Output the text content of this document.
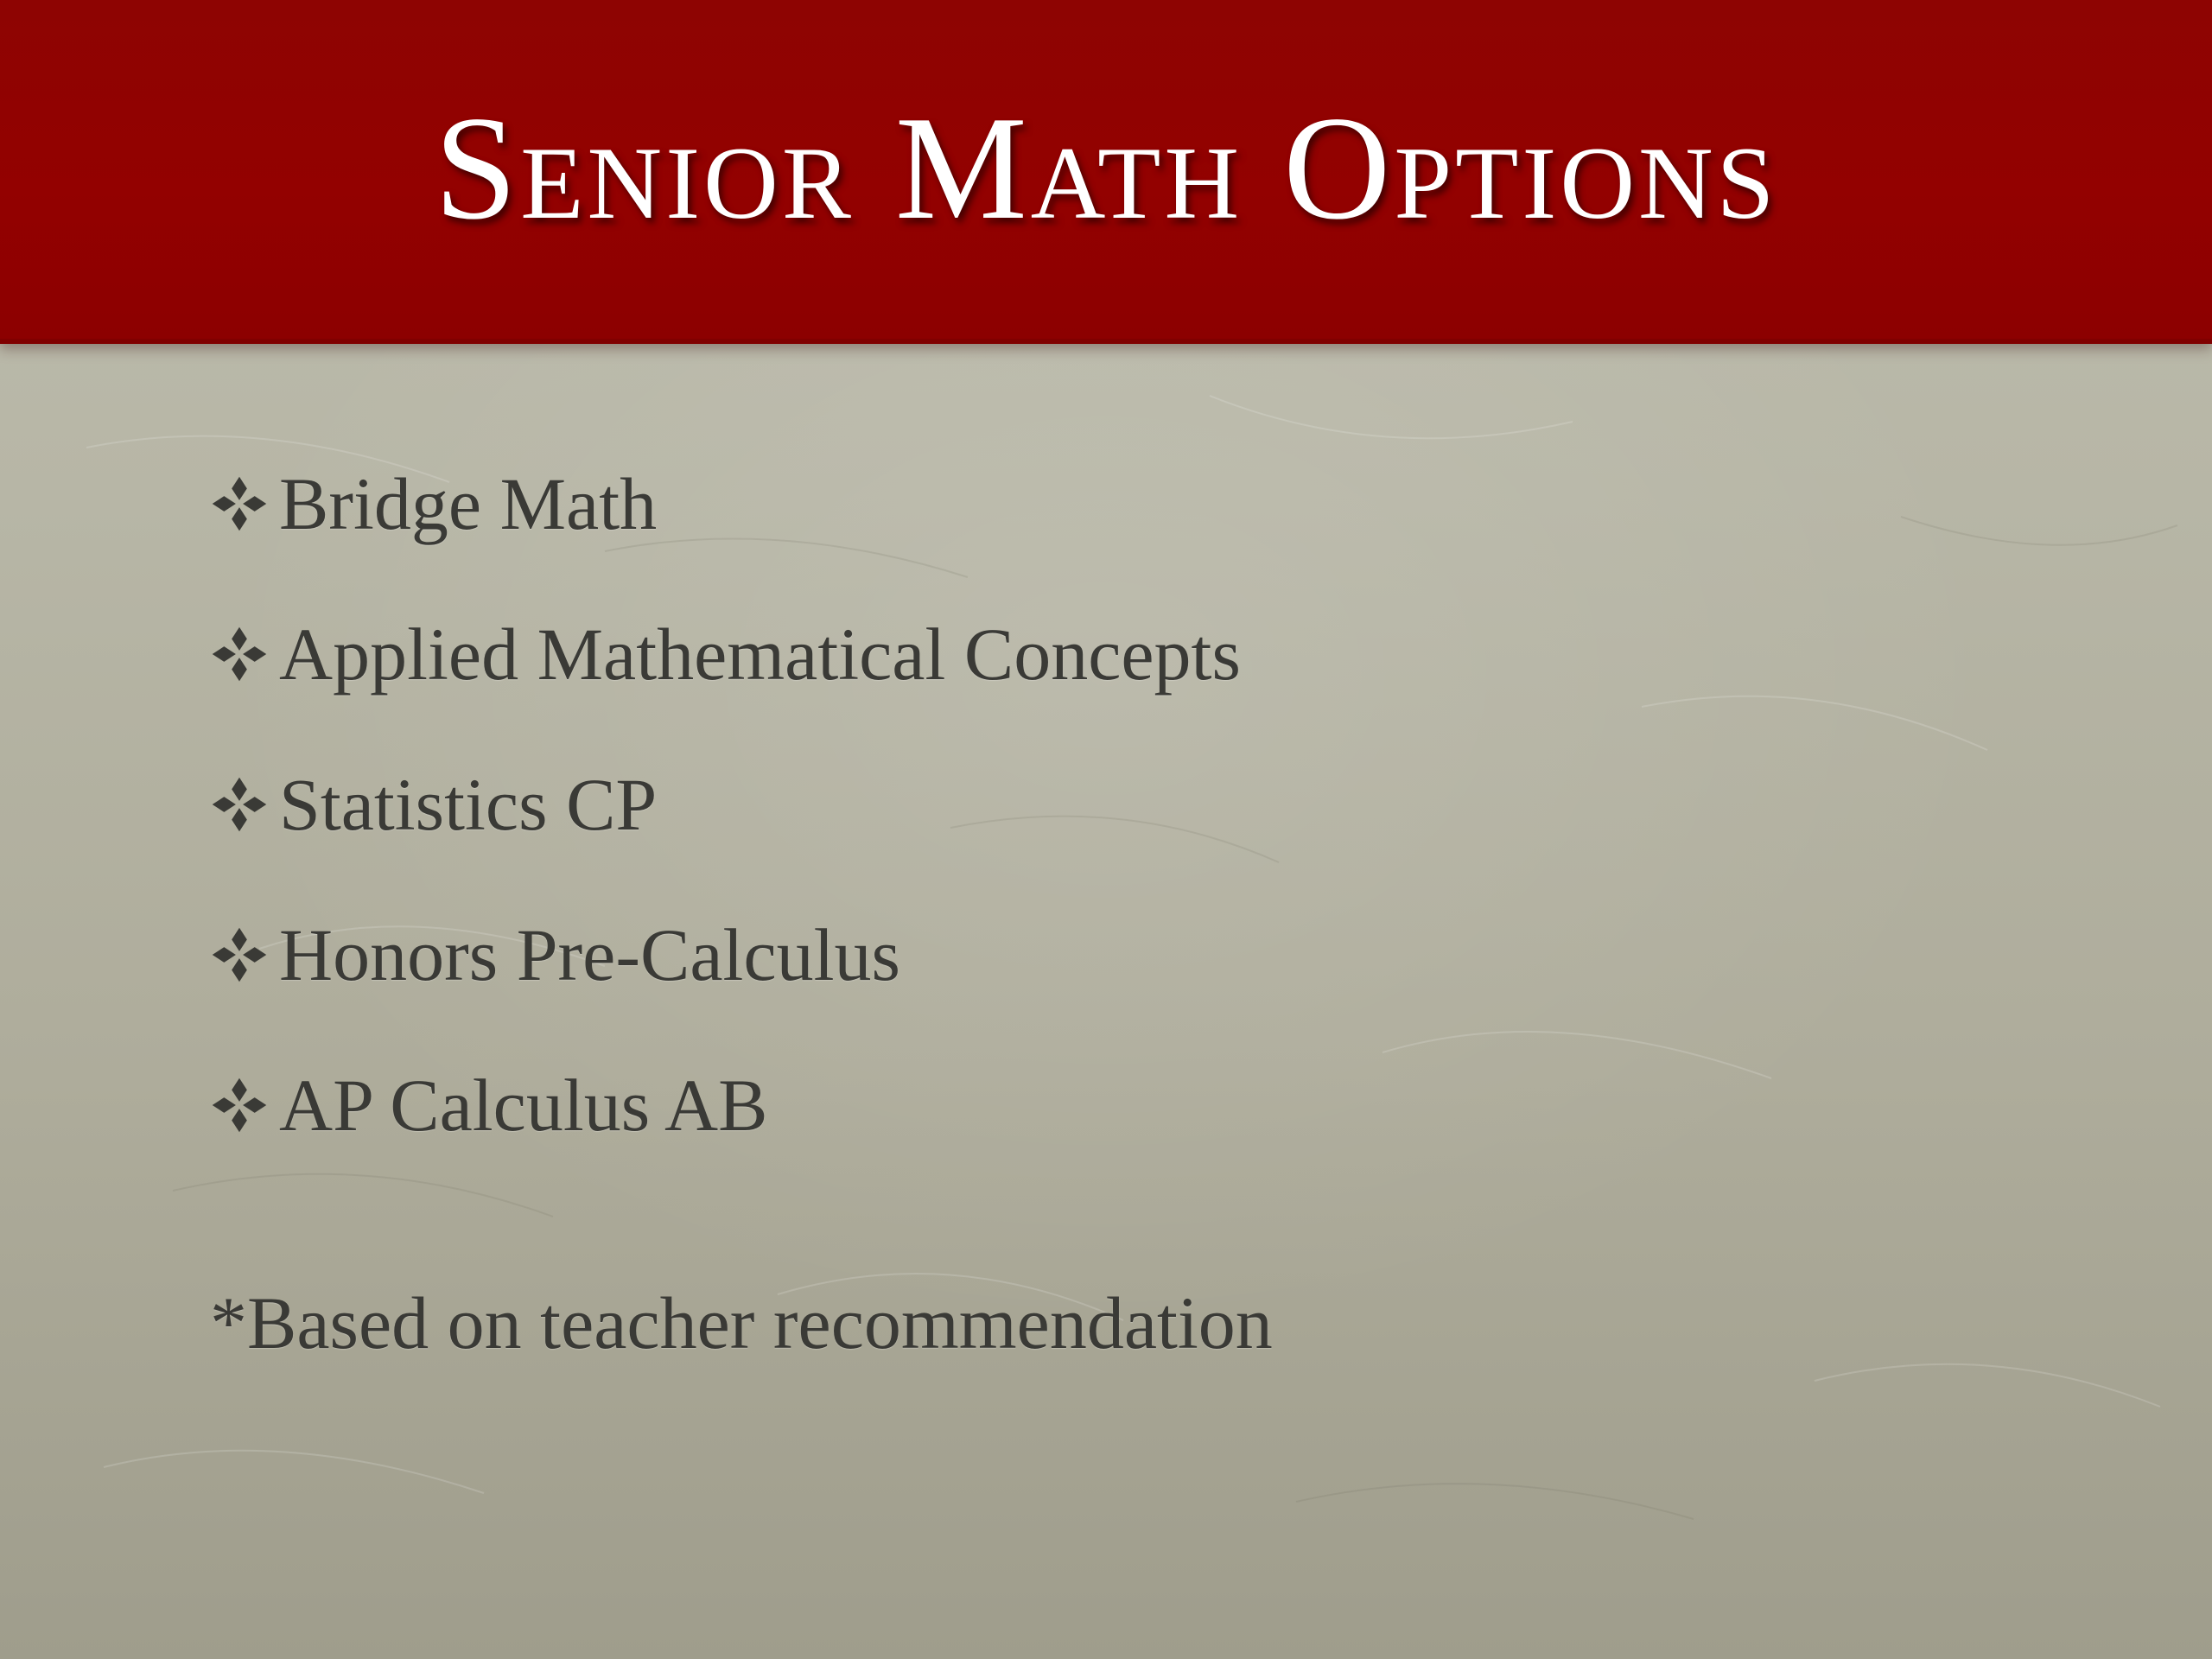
Senior Math Options
Bridge Math
Applied Mathematical Concepts
Statistics CP
Honors Pre-Calculus
AP Calculus AB

*Based on teacher recommendation
